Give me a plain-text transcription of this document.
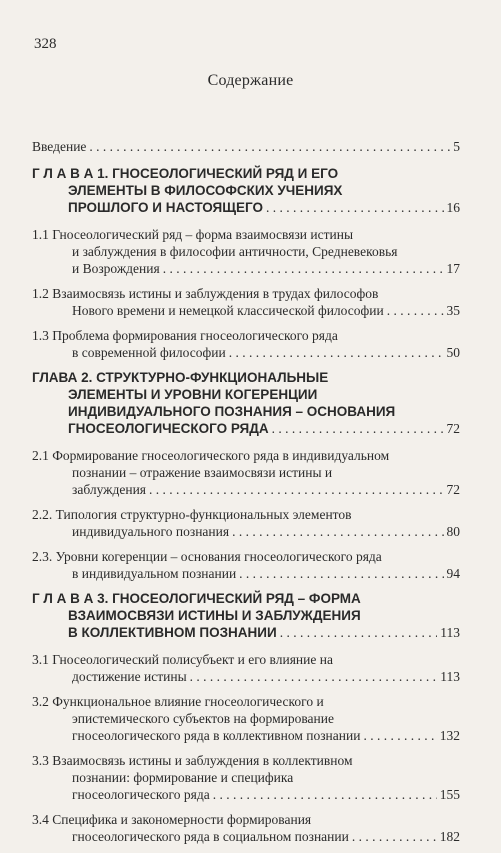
328
Содержание
Введение . . .	5
Г Л А В А 1. ГНОСЕОЛОГИЧЕСКИЙ РЯД И ЕГО
ЭЛЕМЕНТЫ В ФИЛОСОФСКИХ УЧЕНИЯХ
ПРОШЛОГО И НАСТОЯЩЕГО . . .	16
1.1 Гносеологический ряд – форма взаимосвязи истины
и заблуждения в философии античности, Средневековья
и Возрождения . . .	17
1.2 Взаимосвязь истины и заблуждения в трудах философов
Нового времени и немецкой классической философии . . .	35
1.3 Проблема формирования гносеологического ряда
в современной философии . . .	50
ГЛАВА 2. СТРУКТУРНО-ФУНКЦИОНАЛЬНЫЕ
ЭЛЕМЕНТЫ И УРОВНИ КОГЕРЕНЦИИ
ИНДИВИДУАЛЬНОГО ПОЗНАНИЯ – ОСНОВАНИЯ
ГНОСЕОЛОГИЧЕСКОГО РЯДА . . .	72
2.1 Формирование гносеологического ряда в индивидуальном
познании – отражение взаимосвязи истины и
заблуждения . . .	72
2.2. Типология структурно-функциональных элементов
индивидуального познания . . .	80
2.3. Уровни когеренции – основания гносеологического ряда
в индивидуальном познании . . .	94
Г Л А В А 3. ГНОСЕОЛОГИЧЕСКИЙ РЯД – ФОРМА
ВЗАИМОСВЯЗИ ИСТИНЫ И ЗАБЛУЖДЕНИЯ
В КОЛЛЕКТИВНОМ ПОЗНАНИИ . . .	113
3.1 Гносеологический полисубъект и его влияние на
достижение истины . . .	113
3.2 Функциональное влияние гносеологического и
эпистемического субъектов на формирование
гносеологического ряда в коллективном познании . . .	132
3.3 Взаимосвязь истины и заблуждения в коллективном
познании: формирование и специфика
гносеологического ряда . . .	155
3.4 Специфика и закономерности формирования
гносеологического ряда в социальном познании . . .	182
